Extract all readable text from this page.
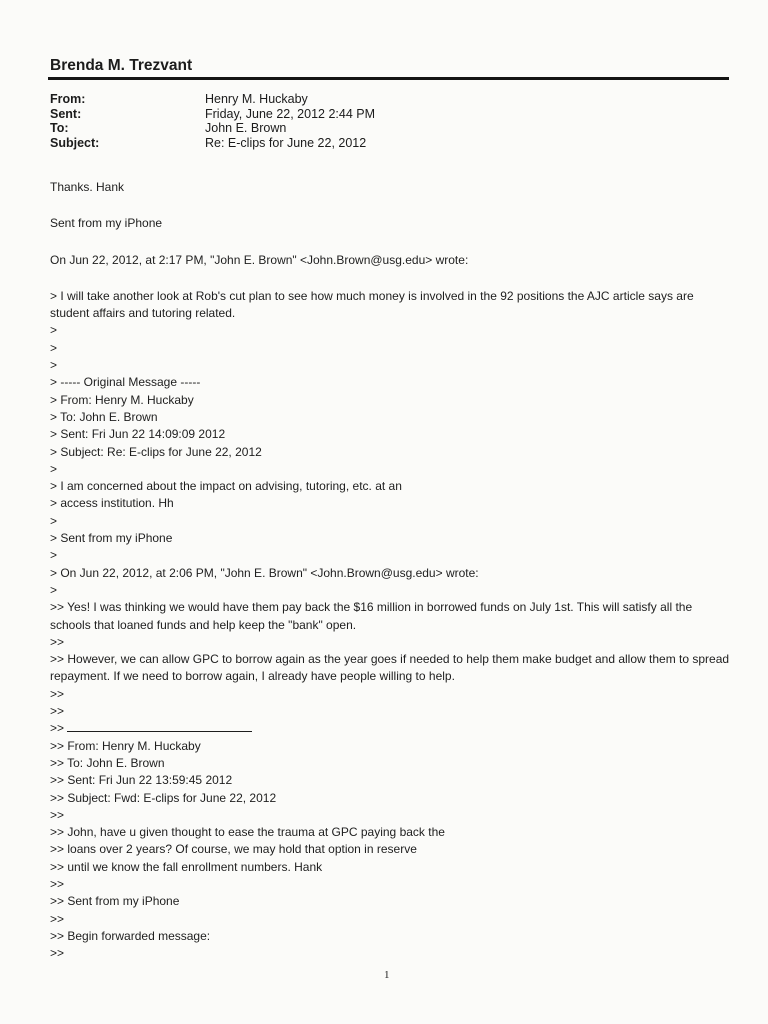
Brenda M. Trezvant
From:	Henry M. Huckaby
Sent:	Friday, June 22, 2012 2:44 PM
To:	John E. Brown
Subject:	Re: E-clips for June 22, 2012
Thanks. Hank
Sent from my iPhone
On Jun 22, 2012, at 2:17 PM, "John E. Brown" <John.Brown@usg.edu> wrote:
> I will take another look at Rob's cut plan to see how much money is involved in the 92 positions the AJC article says are student affairs and tutoring related.
>
>
>
> ----- Original Message -----
> From: Henry M. Huckaby
> To: John E. Brown
> Sent: Fri Jun 22 14:09:09 2012
> Subject: Re: E-clips for June 22, 2012
>
> I am concerned about the impact on advising, tutoring, etc. at an
> access institution. Hh
>
> Sent from my iPhone
>
> On Jun 22, 2012, at 2:06 PM, "John E. Brown" <John.Brown@usg.edu> wrote:
>
>> Yes! I was thinking we would have them pay back the $16 million in borrowed funds on July 1st. This will satisfy all the schools that loaned funds and help keep the "bank" open.
>>
>> However, we can allow GPC to borrow again as the year goes if needed to help them make budget and allow them to spread repayment. If we need to borrow again, I already have people willing to help.
>>
>>
>>
>> From: Henry M. Huckaby
>> To: John E. Brown
>> Sent: Fri Jun 22 13:59:45 2012
>> Subject: Fwd: E-clips for June 22, 2012
>>
>> John, have u given thought to ease the trauma at GPC paying back the
>> loans over 2 years? Of course, we may hold that option in reserve
>> until we know the fall enrollment numbers. Hank
>>
>> Sent from my iPhone
>>
>> Begin forwarded message:
>>
1
